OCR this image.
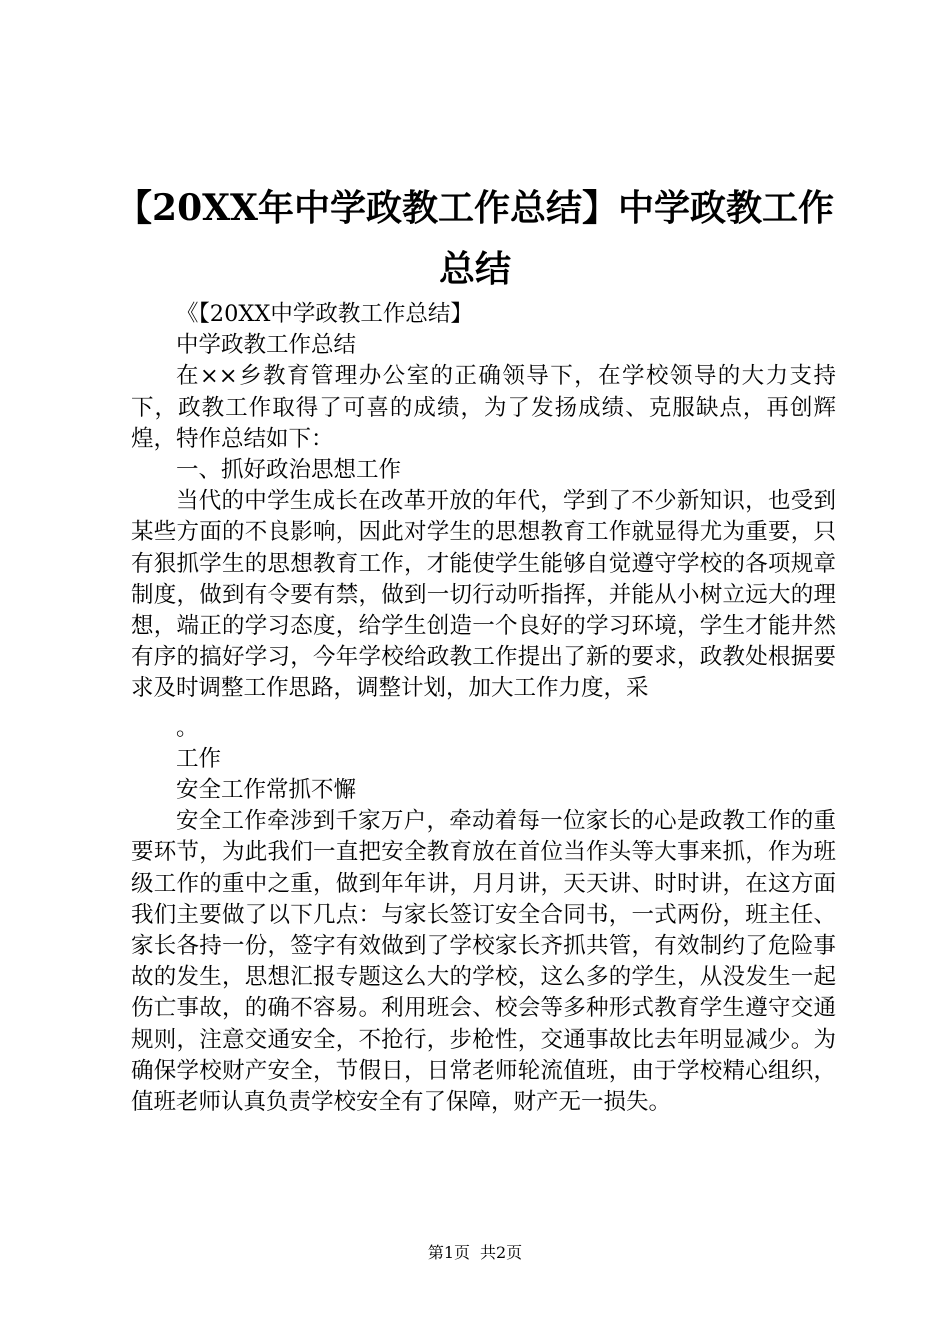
【20XX年中学政教工作总结】中学政教工作
总结

《【20XX中学政教工作总结】

中学政教工作总结

在××乡教育管理办公室的正确领导下，在学校领导的大力支持下，政教工作取得了可喜的成绩，为了发扬成绩、克服缺点，再创辉煌，特作总结如下：

一、抓好政治思想工作

当代的中学生成长在改革开放的年代，学到了不少新知识，也受到某些方面的不良影响，因此对学生的思想教育工作就显得尤为重要，只有狠抓学生的思想教育工作，才能使学生能够自觉遵守学校的各项规章制度，做到有令要有禁，做到一切行动听指挥，并能从小树立远大的理想，端正的学习态度，给学生创造一个良好的学习环境，学生才能井然有序的搞好学习，今年学校给政教工作提出了新的要求，政教处根据要求及时调整工作思路，调整计划，加大工作力度，采

。

工作

安全工作常抓不懈

安全工作牵涉到千家万户，牵动着每一位家长的心是政教工作的重要环节，为此我们一直把安全教育放在首位当作头等大事来抓，作为班级工作的重中之重，做到年年讲，月月讲，天天讲、时时讲，在这方面我们主要做了以下几点：与家长签订安全合同书，一式两份，班主任、家长各持一份，签字有效做到了学校家长齐抓共管，有效制约了危险事故的发生，思想汇报专题这么大的学校，这么多的学生，从没发生一起伤亡事故，的确不容易。利用班会、校会等多种形式教育学生遵守交通规则，注意交通安全，不抢行，步枪性，交通事故比去年明显减少。为确保学校财产安全，节假日，日常老师轮流值班，由于学校精心组织，值班老师认真负责学校安全有了保障，财产无一损失。

第1页 共2页
